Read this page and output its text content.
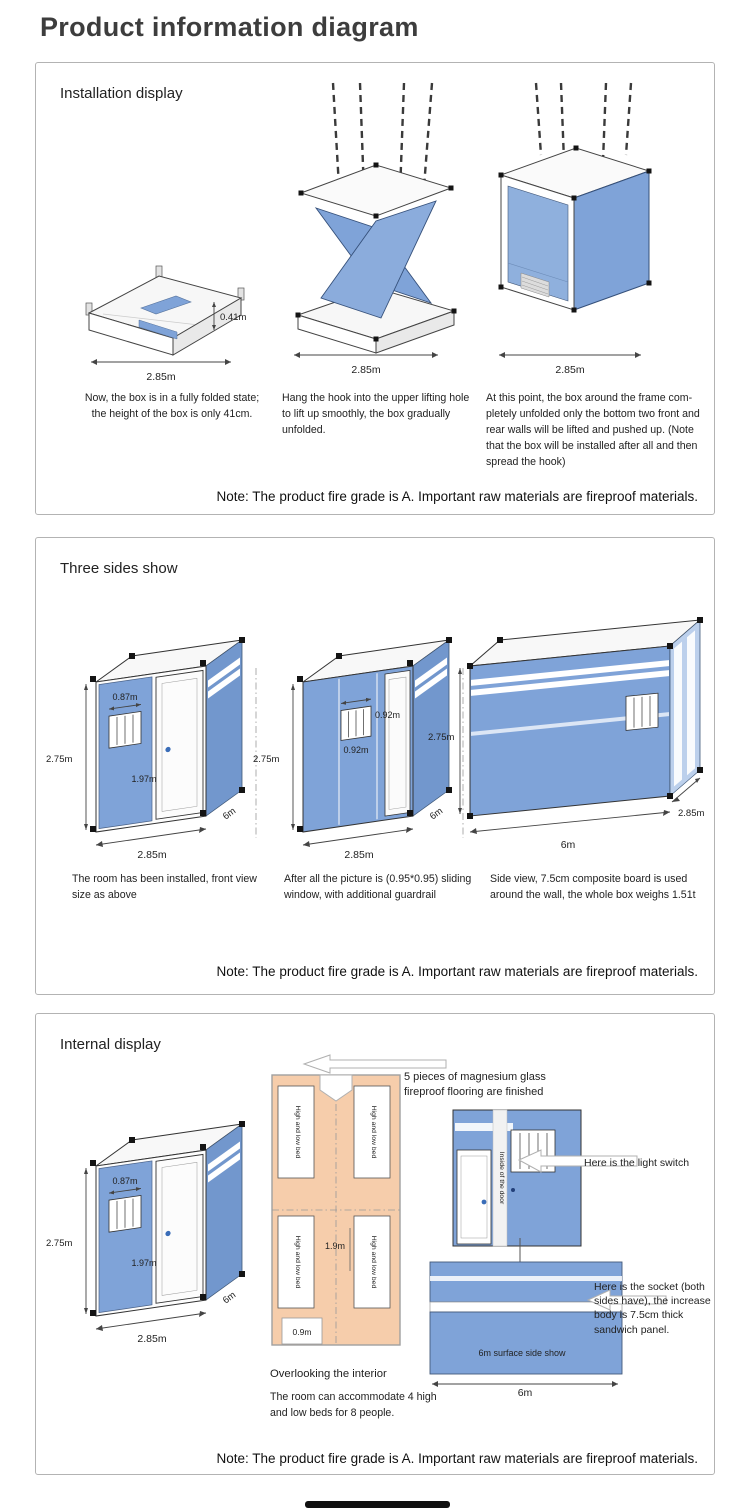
Product information diagram
Installation display
0.41m
2.85m
2.85m	2.85m
Now, the box is in a fully folded state; the height of the box is only 41cm.
Hang the hook into the upper lifting hole to lift up smoothly, the box gradually unfolded.
At this point, the box around the frame com- pletely unfolded only the bottom two front and rear walls will be lifted and pushed up. (Note that the box will be installed after all and then spread the hook)
Note: The product fire grade is A. Important raw materials are fireproof materials.
Three sides show
0.87m
1.97m
2.75m
2.85m
6m
0.92m
0.92m
2.75m
2.85m
6m
2.75m
6m
2.85m
The room has been installed, front view size as above
After all the picture is (0.95*0.95) sliding window, with additional guardrail
Side view, 7.5cm composite board is used around the wall, the whole box weighs 1.51t
Note: The product fire grade is A. Important raw materials are fireproof materials.
Internal display
0.87m
1.97m
2.75m
2.85m
6m
5 pieces of magnesium glass fireproof flooring are finished
High and low bed	High and low bed
High and low bed	High and low bed
1.9m
0.9m
Inside of the door	Here is the light switch
6m surface side show
6m
Here is the socket (both sides have), the increase body is 7.5cm thick sandwich panel.
Overlooking the interior
The room can accommodate 4 high and low beds for 8 people.
Note: The product fire grade is A. Important raw materials are fireproof materials.
